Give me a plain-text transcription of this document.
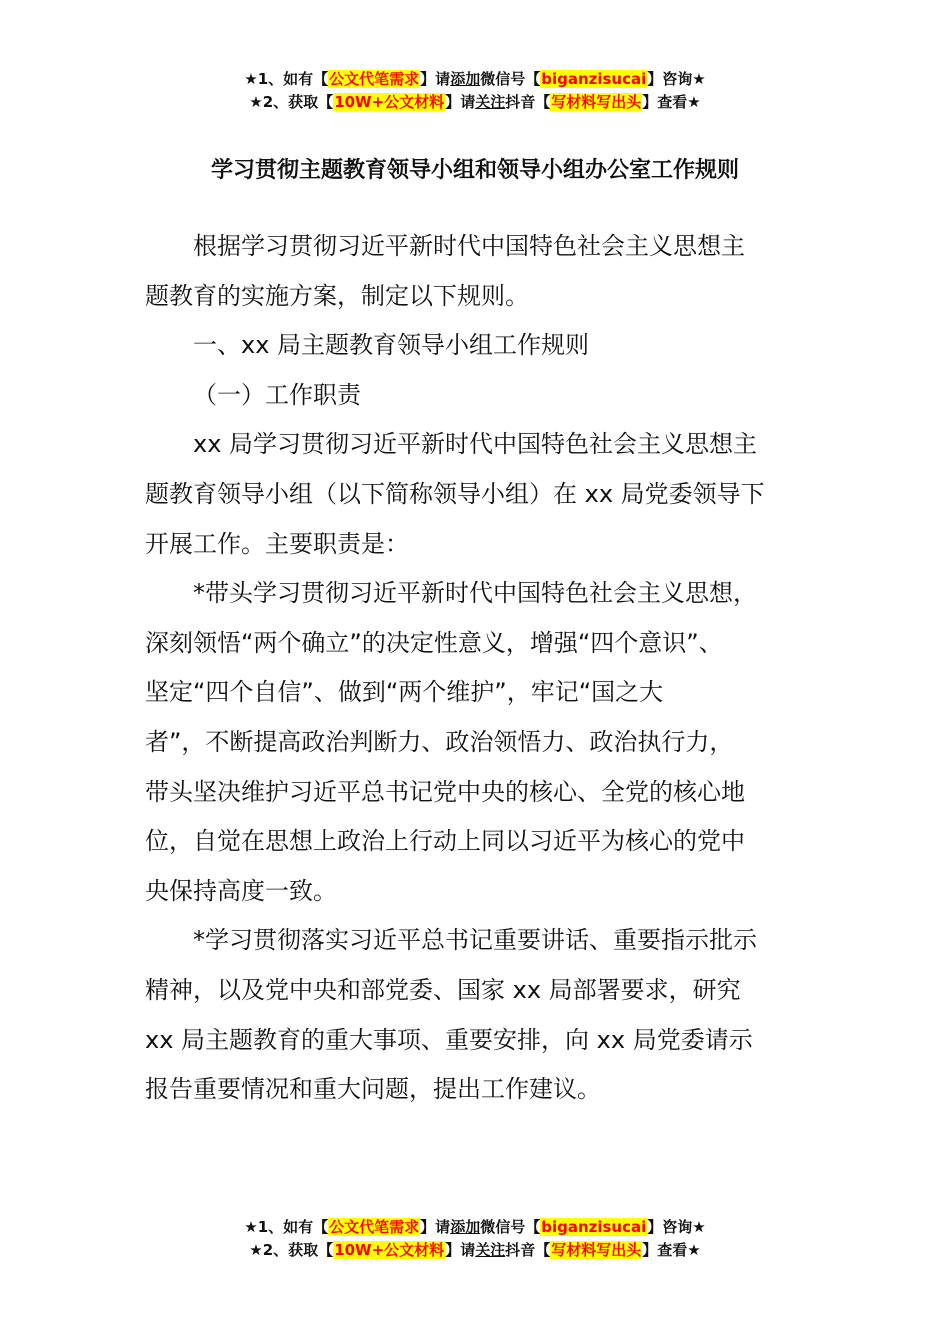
★1、如有【公文代笔需求】请添加微信号【biganzisucai】咨询★
★2、获取【10W+公文材料】请关注抖音【写材料写出头】查看★
学习贯彻主题教育领导小组和领导小组办公室工作规则
根据学习贯彻习近平新时代中国特色社会主义思想主
题教育的实施方案，制定以下规则。
一、xx 局主题教育领导小组工作规则
（一）工作职责
xx 局学习贯彻习近平新时代中国特色社会主义思想主
题教育领导小组（以下简称领导小组）在 xx 局党委领导下
开展工作。主要职责是：
*带头学习贯彻习近平新时代中国特色社会主义思想，
深刻领悟“两个确立”的决定性意义，增强“四个意识”、
坚定“四个自信”、做到“两个维护”，牢记“国之大
者”，不断提高政治判断力、政治领悟力、政治执行力，
带头坚决维护习近平总书记党中央的核心、全党的核心地
位，自觉在思想上政治上行动上同以习近平为核心的党中
央保持高度一致。
*学习贯彻落实习近平总书记重要讲话、重要指示批示
精神，以及党中央和部党委、国家 xx 局部署要求，研究
xx 局主题教育的重大事项、重要安排，向 xx 局党委请示
报告重要情况和重大问题，提出工作建议。
★1、如有【公文代笔需求】请添加微信号【biganzisucai】咨询★
★2、获取【10W+公文材料】请关注抖音【写材料写出头】查看★
